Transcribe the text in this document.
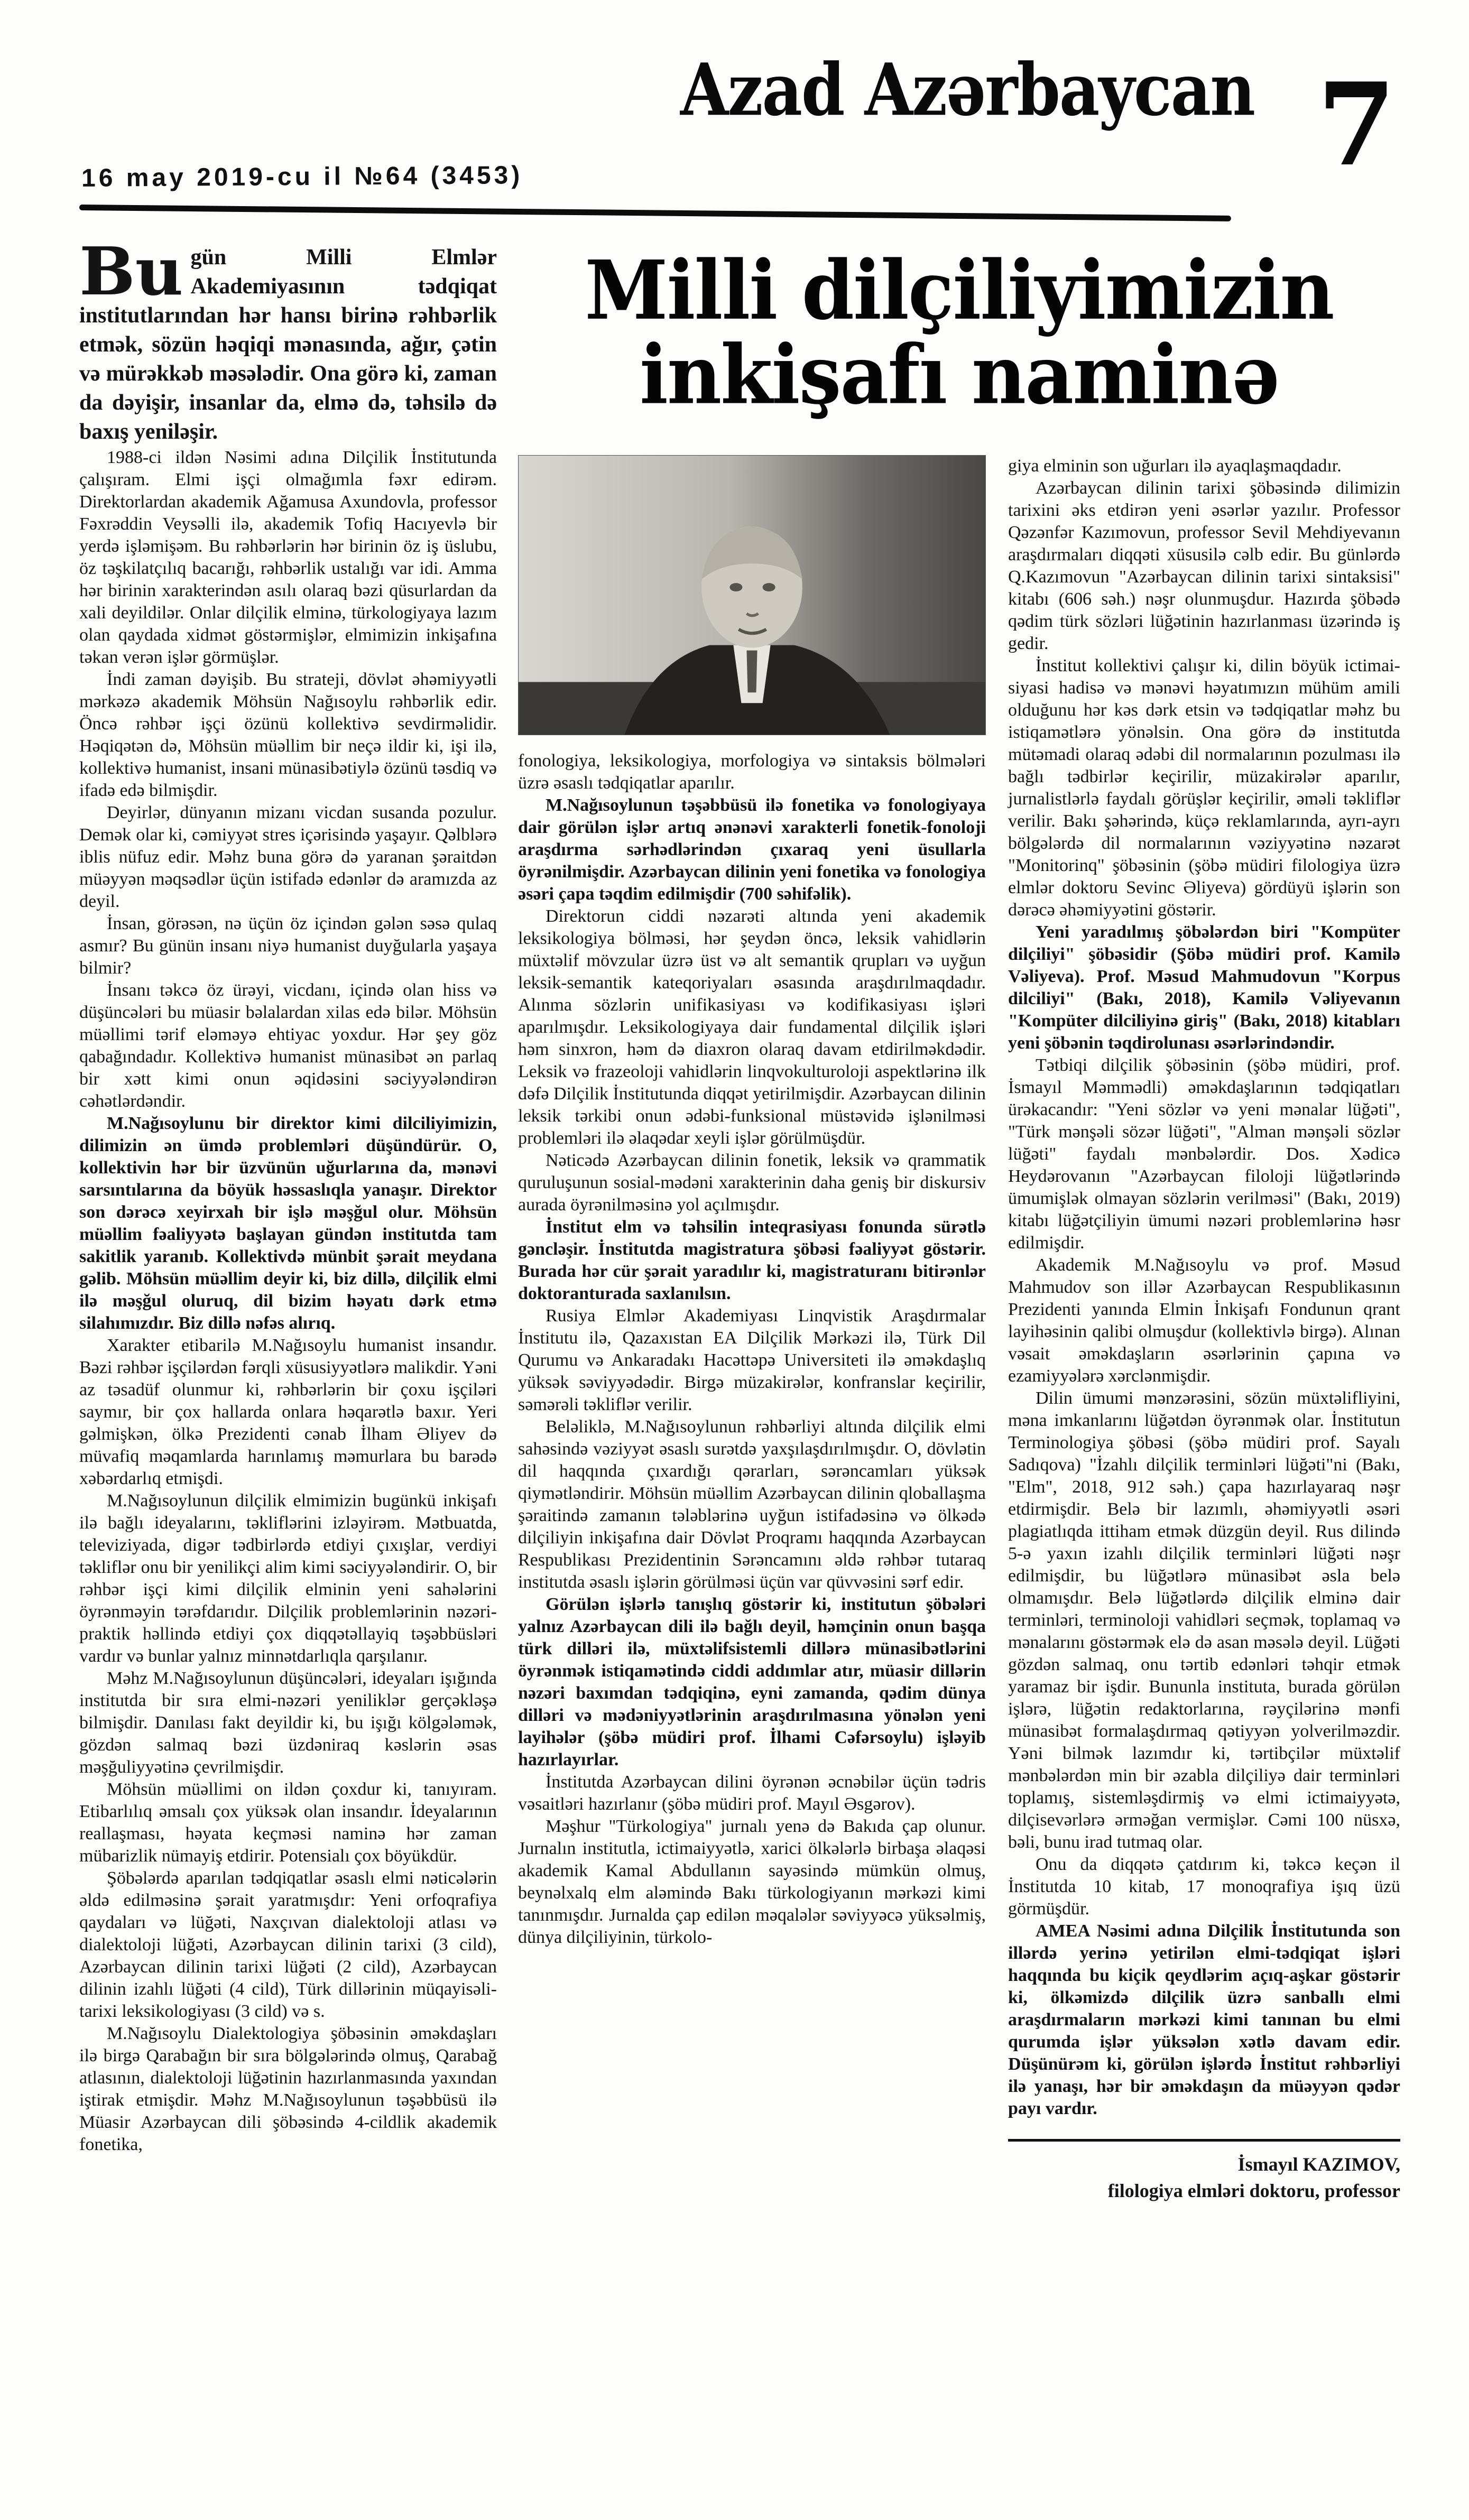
16 may 2019-cu il №64 (3453)
Azad Azərbaycan 7

Bu gün Milli Elmlər Akademiyasının tədqiqat institutlarından hər hansı birinə rəhbərlik etmək, sözün həqiqi mənasında, ağır, çətin və mürəkkəb məsələdir. Ona görə ki, zaman da dəyişir, insanlar da, elmə də, təhsilə də baxış yeniləşir.

1988-ci ildən Nəsimi adına Dilçilik İnstitutunda çalışıram. Elmi işçi olmağımla fəxr edirəm. Direktorlardan akademik Ağamusa Axundovla, professor Fəxrəddin Veysəlli ilə, akademik Tofiq Hacıyevlə bir yerdə işləmişəm. Bu rəhbərlərin hər birinin öz iş üslubu, öz təşkilatçılıq bacarığı, rəhbərlik ustalığı var idi. Amma hər birinin xarakterindən asılı olaraq bəzi qüsurlardan da xali deyildilər. Onlar dilçilik elminə, türkologiyaya lazım olan qaydada xidmət göstərmişlər, elmimizin inkişafına təkan verən işlər görmüşlər.

İndi zaman dəyişib. Bu strateji, dövlət əhəmiyyətli mərkəzə akademik Möhsün Nağısoylu rəhbərlik edir. Öncə rəhbər işçi özünü kollektivə sevdirməlidir. Həqiqətən də, Möhsün müəllim bir neçə ildir ki, işi ilə, kollektivə humanist, insani münasibətiylə özünü təsdiq və ifadə edə bilmişdir.

Deyirlər, dünyanın mizanı vicdan susanda pozulur. Demək olar ki, cəmiyyət stres içərisində yaşayır. Qəlblərə iblis nüfuz edir. Məhz buna görə də yaranan şəraitdən müəyyən məqsədlər üçün istifadə edənlər də aramızda az deyil.

İnsan, görəsən, nə üçün öz içindən gələn səsə qulaq asmır? Bu günün insanı niyə humanist duyğularla yaşaya bilmir?

İnsanı təkcə öz ürəyi, vicdanı, içində olan hiss və düşüncələri bu müasir bəlalardan xilas edə bilər. Möhsün müəllimi tərif eləməyə ehtiyac yoxdur. Hər şey göz qabağındadır. Kollektivə humanist münasibət ən parlaq bir xətt kimi onun əqidəsini səciyyələndirən cəhətlərdəndir.

M.Nağısoylunu bir direktor kimi dilciliyimizin, dilimizin ən ümdə problemləri düşündürür. O, kollektivin hər bir üzvünün uğurlarına da, mənəvi sarsıntılarına da böyük həssaslıqla yanaşır. Direktor son dərəcə xeyirxah bir işlə məşğul olur. Möhsün müəllim fəaliyyətə başlayan gündən institutda tam sakitlik yaranıb. Kollektivdə münbit şərait meydana gəlib. Möhsün müəllim deyir ki, biz dillə, dilçilik elmi ilə məşğul oluruq, dil bizim həyatı dərk etmə silahımızdır. Biz dillə nəfəs alırıq.

Xarakter etibarilə M.Nağısoylu humanist insandır. Bəzi rəhbər işçilərdən fərqli xüsusiyyətlərə malikdir. Yəni az təsadüf olunmur ki, rəhbərlərin bir çoxu işçiləri saymır, bir çox hallarda onlara həqarətlə baxır. Yeri gəlmişkən, ölkə Prezidenti cənab İlham Əliyev də müvafiq məqamlarda harınlamış məmurlara bu barədə xəbərdarlıq etmişdi.

M.Nağısoylunun dilçilik elmimizin bugünkü inkişafı ilə bağlı ideyalarını, təkliflərini izləyirəm. Mətbuatda, televiziyada, digər tədbirlərdə etdiyi çıxışlar, verdiyi təkliflər onu bir yenilikçi alim kimi səciyyələndirir. O, bir rəhbər işçi kimi dilçilik elminin yeni sahələrini öyrənməyin tərəfdarıdır. Dilçilik problemlərinin nəzəri-praktik həllində etdiyi çox diqqətəllayiq təşəbbüsləri vardır və bunlar yalnız minnətdarlıqla qarşılanır.

Məhz M.Nağısoylunun düşüncələri, ideyaları işığında institutda bir sıra elmi-nəzəri yeniliklər gerçəkləşə bilmişdir. Danılası fakt deyildir ki, bu işığı kölgələmək, gözdən salmaq bəzi üzdəniraq kəslərin əsas məşğuliyyətinə çevrilmişdir.

Möhsün müəllimi on ildən çoxdur ki, tanıyıram. Etibarlılıq əmsalı çox yüksək olan insandır. İdeyalarının reallaşması, həyata keçməsi naminə hər zaman mübarizlik nümayiş etdirir. Potensialı çox böyükdür.

Şöbələrdə aparılan tədqiqatlar əsaslı elmi nəticələrin əldə edilməsinə şərait yaratmışdır: Yeni orfoqrafiya qaydaları və lüğəti, Naxçıvan dialektoloji atlası və dialektoloji lüğəti, Azərbaycan dilinin tarixi (3 cild), Azərbaycan dilinin tarixi lüğəti (2 cild), Azərbaycan dilinin izahlı lüğəti (4 cild), Türk dillərinin müqayisəli-tarixi leksikologiyası (3 cild) və s.

M.Nağısoylu Dialektologiya şöbəsinin əməkdaşları ilə birgə Qarabağın bir sıra bölgələrində olmuş, Qarabağ atlasının, dialektoloji lüğətinin hazırlanmasında yaxından iştirak etmişdir. Məhz M.Nağısoylunun təşəbbüsü ilə Müasir Azərbaycan dili şöbəsində 4-cildlik akademik fonetika,

Milli dilçiliyimizin
inkişafı naminə

fonologiya, leksikologiya, morfologiya və sintaksis bölmələri üzrə əsaslı tədqiqatlar aparılır.

M.Nağısoylunun təşəbbüsü ilə fonetika və fonologiyaya dair görülən işlər artıq ənənəvi xarakterli fonetik-fonoloji araşdırma sərhədlərindən çıxaraq yeni üsullarla öyrənilmişdir. Azərbaycan dilinin yeni fonetika və fonologiya əsəri çapa təqdim edilmişdir (700 səhifəlik).

Direktorun ciddi nəzarəti altında yeni akademik leksikologiya bölməsi, hər şeydən öncə, leksik vahidlərin müxtəlif mövzular üzrə üst və alt semantik qrupları və uyğun leksik-semantik kateqoriyaları əsasında araşdırılmaqdadır. Alınma sözlərin unifikasiyası və kodifikasiyası işləri aparılmışdır. Leksikologiyaya dair fundamental dilçilik işləri həm sinxron, həm də diaxron olaraq davam etdirilməkdədir. Leksik və frazeoloji vahidlərin linqvokulturoloji aspektlərinə ilk dəfə Dilçilik İnstitutunda diqqət yetirilmişdir. Azərbaycan dilinin leksik tərkibi onun ədəbi-funksional müstəvidə işlənilməsi problemləri ilə əlaqədar xeyli işlər görülmüşdür.

Nəticədə Azərbaycan dilinin fonetik, leksik və qrammatik quruluşunun sosial-mədəni xarakterinin daha geniş bir diskursiv aurada öyrənilməsinə yol açılmışdır.

İnstitut elm və təhsilin inteqrasiyası fonunda sürətlə gəncləşir. İnstitutda magistratura şöbəsi fəaliyyət göstərir. Burada hər cür şərait yaradılır ki, magistraturanı bitirənlər doktoranturada saxlanılsın.

Rusiya Elmlər Akademiyası Linqvistik Araşdırmalar İnstitutu ilə, Qazaxıstan EA Dilçilik Mərkəzi ilə, Türk Dil Qurumu və Ankaradakı Hacəttəpə Universiteti ilə əməkdaşlıq yüksək səviyyədədir. Birgə müzakirələr, konfranslar keçirilir, səmərəli təkliflər verilir.

Beləliklə, M.Nağısoylunun rəhbərliyi altında dilçilik elmi sahəsində vəziyyət əsaslı surətdə yaxşılaşdırılmışdır. O, dövlətin dil haqqında çıxardığı qərarları, sərəncamları yüksək qiymətləndirir. Möhsün müəllim Azərbaycan dilinin qloballaşma şəraitində zamanın tələblərinə uyğun istifadəsinə və ölkədə dilçiliyin inkişafına dair Dövlət Proqramı haqqında Azərbaycan Respublikası Prezidentinin Sərəncamını əldə rəhbər tutaraq institutda əsaslı işlərin görülməsi üçün var qüvvəsini sərf edir.

Görülən işlərlə tanışlıq göstərir ki, institutun şöbələri yalnız Azərbaycan dili ilə bağlı deyil, həmçinin onun başqa türk dilləri ilə, müxtəlifsistemli dillərə münasibətlərini öyrənmək istiqamətində ciddi addımlar atır, müasir dillərin nəzəri baxımdan tədqiqinə, eyni zamanda, qədim dünya dilləri və mədəniyyətlərinin araşdırılmasına yönələn yeni layihələr (şöbə müdiri prof. İlhami Cəfərsoylu) işləyib hazırlayırlar.

İnstitutda Azərbaycan dilini öyrənən əcnəbilər üçün tədris vəsaitləri hazırlanır (şöbə müdiri prof. Mayıl Əsgərov).

Məşhur "Türkologiya" jurnalı yenə də Bakıda çap olunur. Jurnalın institutla, ictimaiyyətlə, xarici ölkələrlə birbaşa əlaqəsi akademik Kamal Abdullanın sayəsində mümkün olmuş, beynəlxalq elm aləmində Bakı türkologiyanın mərkəzi kimi tanınmışdır. Jurnalda çap edilən məqalələr səviyyəcə yüksəlmiş, dünya dilçiliyinin, türkolo-

giya elminin son uğurları ilə ayaqlaşmaqdadır.

Azərbaycan dilinin tarixi şöbəsində dilimizin tarixini əks etdirən yeni əsərlər yazılır. Professor Qəzənfər Kazımovun, professor Sevil Mehdiyevanın araşdırmaları diqqəti xüsusilə cəlb edir. Bu günlərdə Q.Kazımovun "Azərbaycan dilinin tarixi sintaksisi" kitabı (606 səh.) nəşr olunmuşdur. Hazırda şöbədə qədim türk sözləri lüğətinin hazırlanması üzərində iş gedir.

İnstitut kollektivi çalışır ki, dilin böyük ictimai-siyasi hadisə və mənəvi həyatımızın mühüm amili olduğunu hər kəs dərk etsin və tədqiqatlar məhz bu istiqamətlərə yönəlsin. Ona görə də institutda mütəmadi olaraq ədəbi dil normalarının pozulması ilə bağlı tədbirlər keçirilir, müzakirələr aparılır, jurnalistlərlə faydalı görüşlər keçirilir, əməli təkliflər verilir. Bakı şəhərində, küçə reklamlarında, ayrı-ayrı bölgələrdə dil normalarının vəziyyətinə nəzarət "Monitorinq" şöbəsinin (şöbə müdiri filologiya üzrə elmlər doktoru Sevinc Əliyeva) gördüyü işlərin son dərəcə əhəmiyyətini göstərir.

Yeni yaradılmış şöbələrdən biri "Kompüter dilçiliyi" şöbəsidir (Şöbə müdiri prof. Kamilə Vəliyeva). Prof. Məsud Mahmudovun "Korpus dilciliyi" (Bakı, 2018), Kamilə Vəliyevanın "Kompüter dilciliyinə giriş" (Bakı, 2018) kitabları yeni şöbənin təqdirolunası əsərlərindəndir.

Tətbiqi dilçilik şöbəsinin (şöbə müdiri, prof. İsmayıl Məmmədli) əməkdaşlarının tədqiqatları ürəkacandır: "Yeni sözlər və yeni mənalar lüğəti", "Türk mənşəli sözər lüğəti", "Alman mənşəli sözlər lüğəti" faydalı mənbələrdir. Dos. Xədicə Heydərovanın "Azərbaycan filoloji lüğətlərində ümumişlək olmayan sözlərin verilməsi" (Bakı, 2019) kitabı lüğətçiliyin ümumi nəzəri problemlərinə həsr edilmişdir.

Akademik M.Nağısoylu və prof. Məsud Mahmudov son illər Azərbaycan Respublikasının Prezidenti yanında Elmin İnkişafı Fondunun qrant layihəsinin qalibi olmuşdur (kollektivlə birgə). Alınan vəsait əməkdaşların əsərlərinin çapına və ezamiyyələrə xərclənmişdir.

Dilin ümumi mənzərəsini, sözün müxtəlifliyini, məna imkanlarını lüğətdən öyrənmək olar. İnstitutun Terminologiya şöbəsi (şöbə müdiri prof. Sayalı Sadıqova) "İzahlı dilçilik terminləri lüğəti"ni (Bakı, "Elm", 2018, 912 səh.) çapa hazırlayaraq nəşr etdirmişdir. Belə bir lazımlı, əhəmiyyətli əsəri plagiatlıqda ittiham etmək düzgün deyil. Rus dilində 5-ə yaxın izahlı dilçilik terminləri lüğəti nəşr edilmişdir, bu lüğətlərə münasibət əsla belə olmamışdır. Belə lüğətlərdə dilçilik elminə dair terminləri, terminoloji vahidləri seçmək, toplamaq və mənalarını göstərmək elə də asan məsələ deyil. Lüğəti gözdən salmaq, onu tərtib edənləri təhqir etmək yaramaz bir işdir. Bununla instituta, burada görülən işlərə, lüğətin redaktorlarına, rəyçilərinə mənfi münasibət formalaşdırmaq qətiyyən yolverilməzdir. Yəni bilmək lazımdır ki, tərtibçilər müxtəlif mənbələrdən min bir əzabla dilçiliyə dair terminləri toplamış, sistemləşdirmiş və elmi ictimaiyyətə, dilçisevərlərə ərməğan vermişlər. Cəmi 100 nüsxə, bəli, bunu irad tutmaq olar.

Onu da diqqətə çatdırım ki, təkcə keçən il İnstitutda 10 kitab, 17 monoqrafiya işıq üzü görmüşdür.

AMEA Nəsimi adına Dilçilik İnstitutunda son illərdə yerinə yetirilən elmi-tədqiqat işləri haqqında bu kiçik qeydlərim açıq-aşkar göstərir ki, ölkəmizdə dilçilik üzrə sanballı elmi araşdırmaların mərkəzi kimi tanınan bu elmi qurumda işlər yüksələn xətlə davam edir. Düşünürəm ki, görülən işlərdə İnstitut rəhbərliyi ilə yanaşı, hər bir əməkdaşın da müəyyən qədər payı vardır.

İsmayıl KAZIMOV,

filologiya elmləri doktoru, professor
